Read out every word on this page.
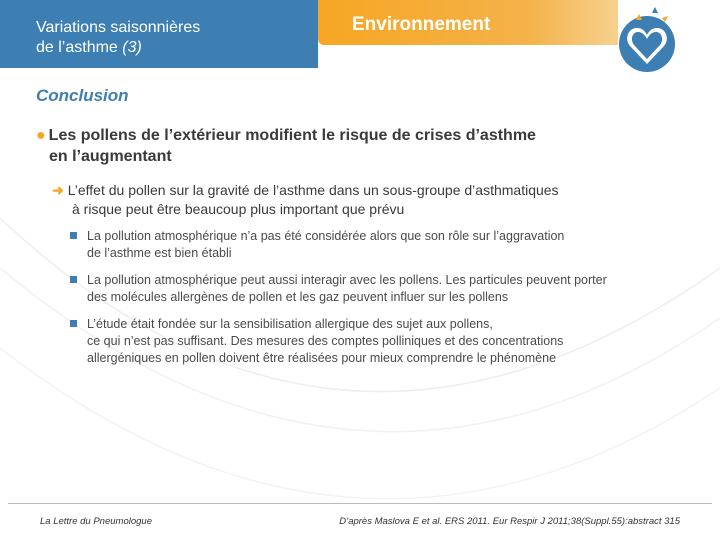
Variations saisonnières
de l’asthme (3)
Environnement
90
Conclusion
● Les pollens de l’extérieur modifient le risque de crises d’asthme
en l’augmentant
➜ L’effet du pollen sur la gravité de l’asthme dans un sous-groupe d’asthmatiques
à risque peut être beaucoup plus important que prévu
La pollution atmosphérique n’a pas été considérée alors que son rôle sur l’aggravation
de l’asthme est bien établi
La pollution atmosphérique peut aussi interagir avec les pollens. Les particules peuvent porter
des molécules allergènes de pollen et les gaz peuvent influer sur les pollens
L’étude était fondée sur la sensibilisation allergique des sujet aux pollens,
ce qui n’est pas suffisant. Des mesures des comptes polliniques et des concentrations
allergéniques en pollen doivent être réalisées pour mieux comprendre le phénomène
La Lettre du Pneumologue	D’après Maslova E et al. ERS 2011. Eur Respir J 2011;38(Suppl.55):abstract 315
